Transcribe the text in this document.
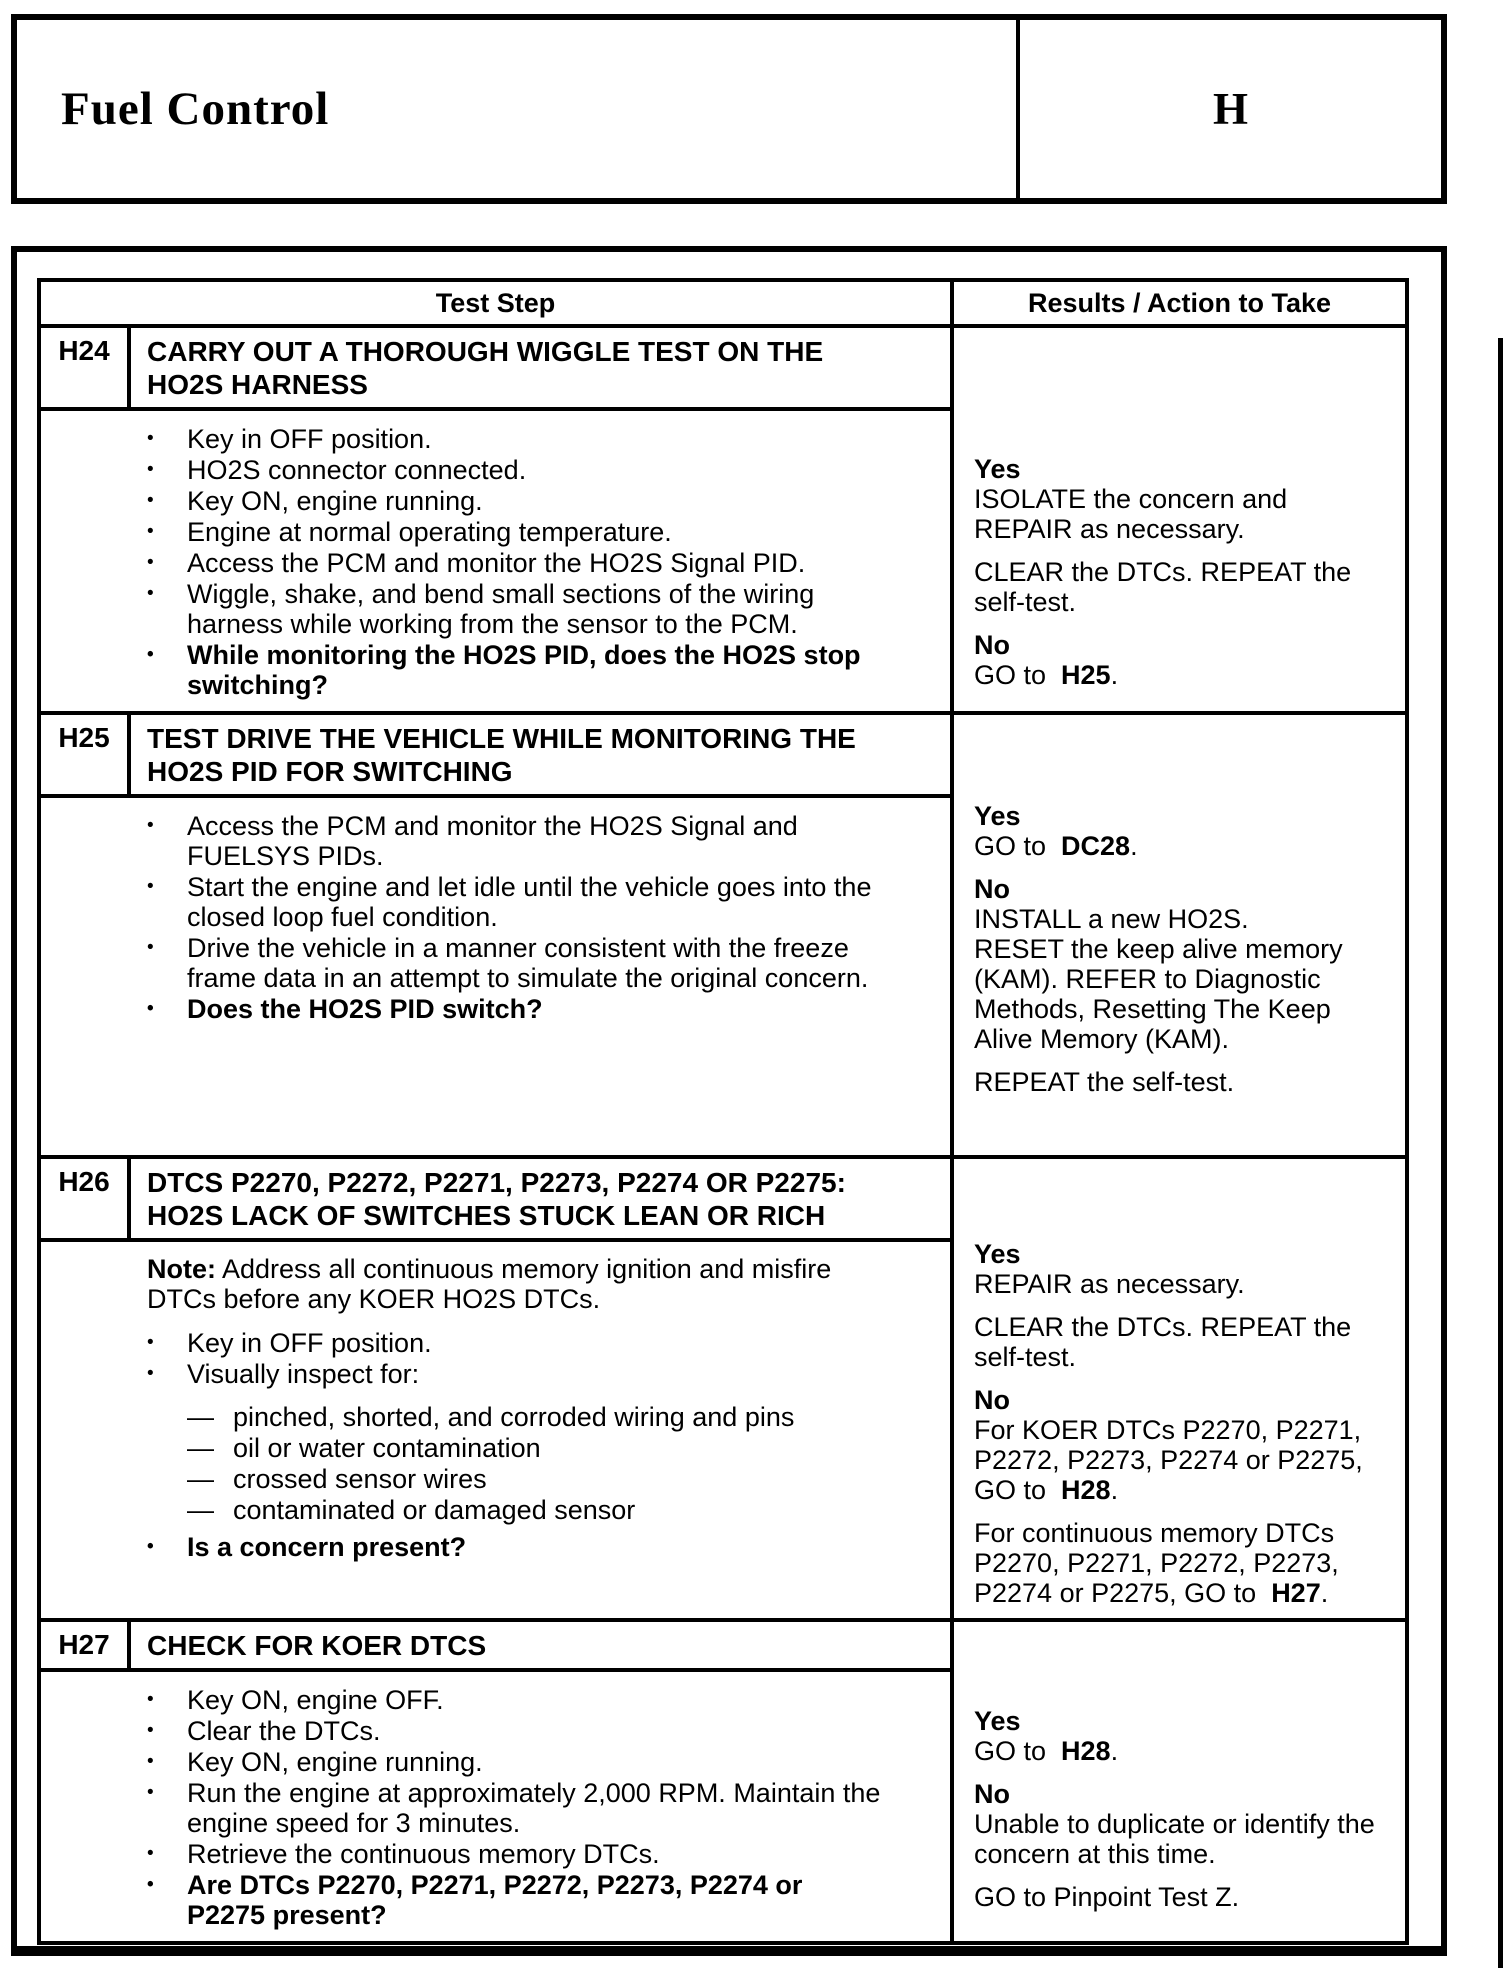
Fuel Control	H
Test Step	Results / Action to Take
H24	CARRY OUT A THOROUGH WIGGLE TEST ON THE
HO2S HARNESS
•	Key in OFF position.
•	HO2S connector connected.
•	Key ON, engine running.
•	Engine at normal operating temperature.
•	Access the PCM and monitor the HO2S Signal PID.
•	Wiggle, shake, and bend small sections of the wiring harness while working from the sensor to the PCM.
•	While monitoring the HO2S PID, does the HO2S stop switching?
Yes
ISOLATE the concern and REPAIR as necessary.
CLEAR the DTCs. REPEAT the self-test.
No
GO to  H25.
H25	TEST DRIVE THE VEHICLE WHILE MONITORING THE
HO2S PID FOR SWITCHING
•	Access the PCM and monitor the HO2S Signal and FUELSYS PIDs.
•	Start the engine and let idle until the vehicle goes into the closed loop fuel condition.
•	Drive the vehicle in a manner consistent with the freeze frame data in an attempt to simulate the original concern.
•	Does the HO2S PID switch?
Yes
GO to  DC28.
No
INSTALL a new HO2S.
RESET the keep alive memory (KAM). REFER to Diagnostic Methods, Resetting The Keep Alive Memory (KAM).
REPEAT the self-test.
H26	DTCS P2270, P2272, P2271, P2273, P2274 OR P2275:
HO2S LACK OF SWITCHES STUCK LEAN OR RICH
Note: Address all continuous memory ignition and misfire DTCs before any KOER HO2S DTCs.
•	Key in OFF position.
•	Visually inspect for:
— pinched, shorted, and corroded wiring and pins
— oil or water contamination
— crossed sensor wires
— contaminated or damaged sensor
•	Is a concern present?
Yes
REPAIR as necessary.
CLEAR the DTCs. REPEAT the self-test.
No
For KOER DTCs P2270, P2271, P2272, P2273, P2274 or P2275, GO to  H28.
For continuous memory DTCs P2270, P2271, P2272, P2273, P2274 or P2275, GO to  H27.
H27	CHECK FOR KOER DTCS
•	Key ON, engine OFF.
•	Clear the DTCs.
•	Key ON, engine running.
•	Run the engine at approximately 2,000 RPM. Maintain the engine speed for 3 minutes.
•	Retrieve the continuous memory DTCs.
•	Are DTCs P2270, P2271, P2272, P2273, P2274 or P2275 present?
Yes
GO to  H28.
No
Unable to duplicate or identify the concern at this time.
GO to Pinpoint Test Z.
